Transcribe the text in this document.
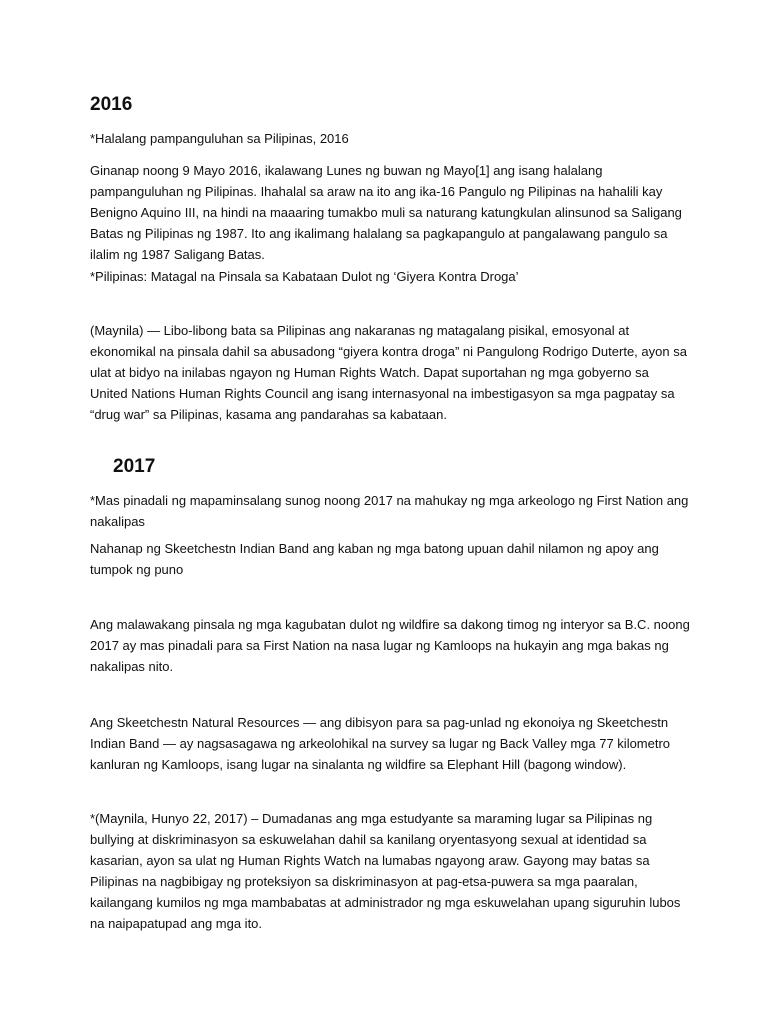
2016

*Halalang pampanguluhan sa Pilipinas, 2016

Ginanap noong 9 Mayo 2016, ikalawang Lunes ng buwan ng Mayo[1] ang isang halalang pampanguluhan ng Pilipinas. Ihahalal sa araw na ito ang ika-16 Pangulo ng Pilipinas na hahalili kay Benigno Aquino III, na hindi na maaaring tumakbo muli sa naturang katungkulan alinsunod sa Saligang Batas ng Pilipinas ng 1987. Ito ang ikalimang halalang sa pagkapangulo at pangalawang pangulo sa ilalim ng 1987 Saligang Batas.

*Pilipinas: Matagal na Pinsala sa Kabataan Dulot ng ‘Giyera Kontra Droga’

(Maynila) — Libo-libong bata sa Pilipinas ang nakaranas ng matagalang pisikal, emosyonal at ekonomikal na pinsala dahil sa abusadong “giyera kontra droga” ni Pangulong Rodrigo Duterte, ayon sa ulat at bidyo na inilabas ngayon ng Human Rights Watch. Dapat suportahan ng mga gobyerno sa United Nations Human Rights Council ang isang internasyonal na imbestigasyon sa mga pagpatay sa “drug war” sa Pilipinas, kasama ang pandarahas sa kabataan.

2017

*Mas pinadali ng mapaminsalang sunog noong 2017 na mahukay ng mga arkeologo ng First Nation ang nakalipas

Nahanap ng Skeetchestn Indian Band ang kaban ng mga batong upuan dahil nilamon ng apoy ang tumpok ng puno

Ang malawakang pinsala ng mga kagubatan dulot ng wildfire sa dakong timog ng interyor sa B.C. noong 2017 ay mas pinadali para sa First Nation na nasa lugar ng Kamloops na hukayin ang mga bakas ng nakalipas nito.

Ang Skeetchestn Natural Resources — ang dibisyon para sa pag-unlad ng ekonoiya ng Skeetchestn Indian Band — ay nagsasagawa ng arkeolohikal na survey sa lugar ng Back Valley mga 77 kilometro kanluran ng Kamloops, isang lugar na sinalanta ng wildfire sa Elephant Hill (bagong window).

*(Maynila, Hunyo 22, 2017) – Dumadanas ang mga estudyante sa maraming lugar sa Pilipinas ng bullying at diskriminasyon sa eskuwelahan dahil sa kanilang oryentasyong sexual at identidad sa kasarian, ayon sa ulat ng Human Rights Watch na lumabas ngayong araw. Gayong may batas sa Pilipinas na nagbibigay ng proteksiyon sa diskriminasyon at pag-etsa-puwera sa mga paaralan, kailangang kumilos ng mga mambabatas at administrador ng mga eskuwelahan upang siguruhin lubos na naipapatupad ang mga ito.
